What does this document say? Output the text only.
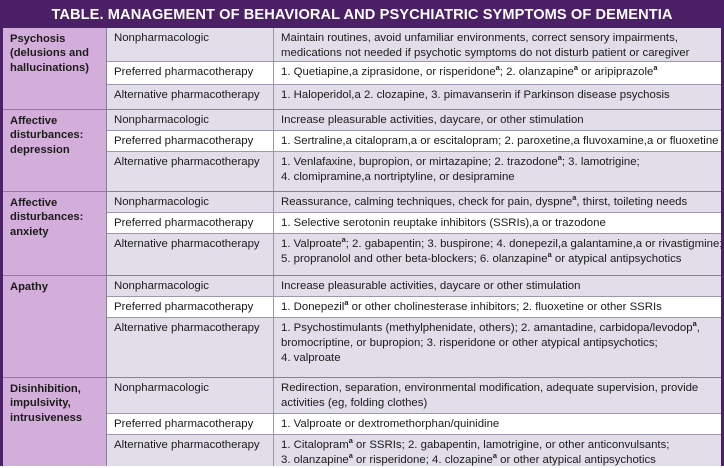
TABLE. MANAGEMENT OF BEHAVIORAL AND PSYCHIATRIC SYMPTOMS OF DEMENTIA
Psychosis (delusions and hallucinations)
Nonpharmacologic	Maintain routines, avoid unfamiliar environments, correct sensory impairments,
medications not needed if psychotic symptoms do not disturb patient or caregiver
Preferred pharmacotherapy	1. Quetiapine,a ziprasidone, or risperidone$^a$; 2. olanzapine$^a$ or aripiprazole$^a$
Alternative pharmacotherapy	1. Haloperidol,a 2. clozapine, 3. pimavanserin if Parkinson disease psychosis
Affective disturbances: depression
Nonpharmacologic	Increase pleasurable activities, daycare, or other stimulation
Preferred pharmacotherapy	1. Sertraline,a citalopram,a or escitalopram; 2. paroxetine,a fluvoxamine,a or fluoxetine
Alternative pharmacotherapy	1. Venlafaxine, bupropion, or mirtazapine; 2. trazodone$^a$; 3. lamotrigine;
4. clomipramine,a nortriptyline, or desipramine
Affective disturbances: anxiety
Nonpharmacologic	Reassurance, calming techniques, check for pain, dyspne$^a$, thirst, toileting needs
Preferred pharmacotherapy	1. Selective serotonin reuptake inhibitors (SSRIs),a or trazodone
Alternative pharmacotherapy	1. Valproate$^a$; 2. gabapentin; 3. buspirone; 4. donepezil,a galantamine,a or rivastigmine;
5. propranolol and other beta-blockers; 6. olanzapine$^a$ or atypical antipsychotics
Apathy	Nonpharmacologic	Increase pleasurable activities, daycare or other stimulation
Preferred pharmacotherapy	1. Donepezil$^a$ or other cholinesterase inhibitors; 2. fluoxetine or other SSRIs
Alternative pharmacotherapy	1. Psychostimulants (methylphenidate, others); 2. amantadine, carbidopa/levodop$^a$,
bromocriptine, or bupropion; 3. risperidone or other atypical antipsychotics;
4. valproate
Disinhibition, impulsivity, intrusiveness
Nonpharmacologic	Redirection, separation, environmental modification, adequate supervision, provide
activities (eg, folding clothes)
Preferred pharmacotherapy	1. Valproate or dextromethorphan/quinidine
Alternative pharmacotherapy	1. Citalopram$^a$ or SSRIs; 2. gabapentin, lamotrigine, or other anticonvulsants;
3. olanzapine$^a$ or risperidone; 4. clozapine$^a$ or other atypical antipsychotics
